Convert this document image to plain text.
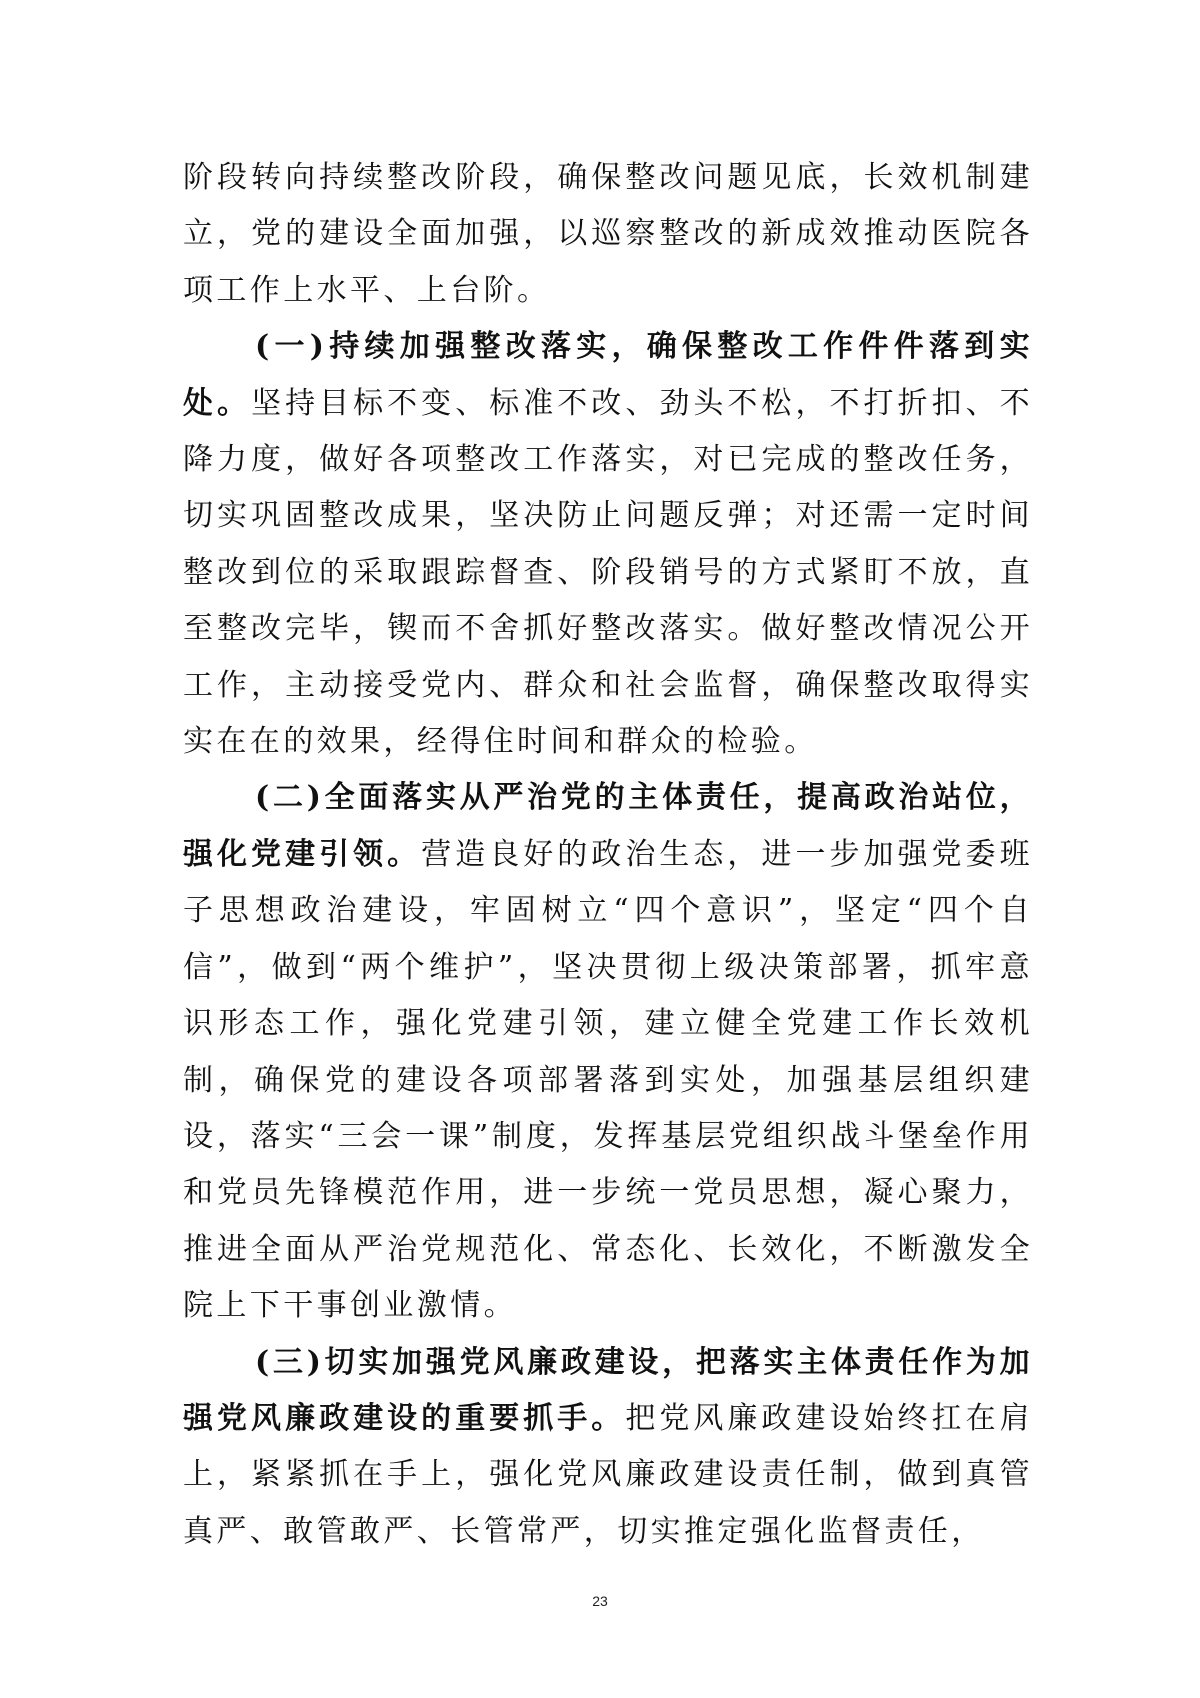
阶段转向持续整改阶段，确保整改问题见底，长效机制建立，党的建设全面加强，以巡察整改的新成效推动医院各项工作上水平、上台阶。

(一)持续加强整改落实，确保整改工作件件落到实处。坚持目标不变、标准不改、劲头不松，不打折扣、不降力度，做好各项整改工作落实，对已完成的整改任务，切实巩固整改成果，坚决防止问题反弹；对还需一定时间整改到位的采取跟踪督查、阶段销号的方式紧盯不放，直至整改完毕，锲而不舍抓好整改落实。做好整改情况公开工作，主动接受党内、群众和社会监督，确保整改取得实实在在的效果，经得住时间和群众的检验。

(二)全面落实从严治党的主体责任，提高政治站位，强化党建引领。营造良好的政治生态，进一步加强党委班子思想政治建设，牢固树立“四个意识”，坚定“四个自信”，做到“两个维护”，坚决贯彻上级决策部署，抓牢意识形态工作，强化党建引领，建立健全党建工作长效机制，确保党的建设各项部署落到实处，加强基层组织建设，落实“三会一课”制度，发挥基层党组织战斗堡垒作用和党员先锋模范作用，进一步统一党员思想，凝心聚力，推进全面从严治党规范化、常态化、长效化，不断激发全院上下干事创业激情。

(三)切实加强党风廉政建设，把落实主体责任作为加强党风廉政建设的重要抓手。把党风廉政建设始终扛在肩上，紧紧抓在手上，强化党风廉政建设责任制，做到真管真严、敢管敢严、长管常严，切实推定强化监督责任，

23
